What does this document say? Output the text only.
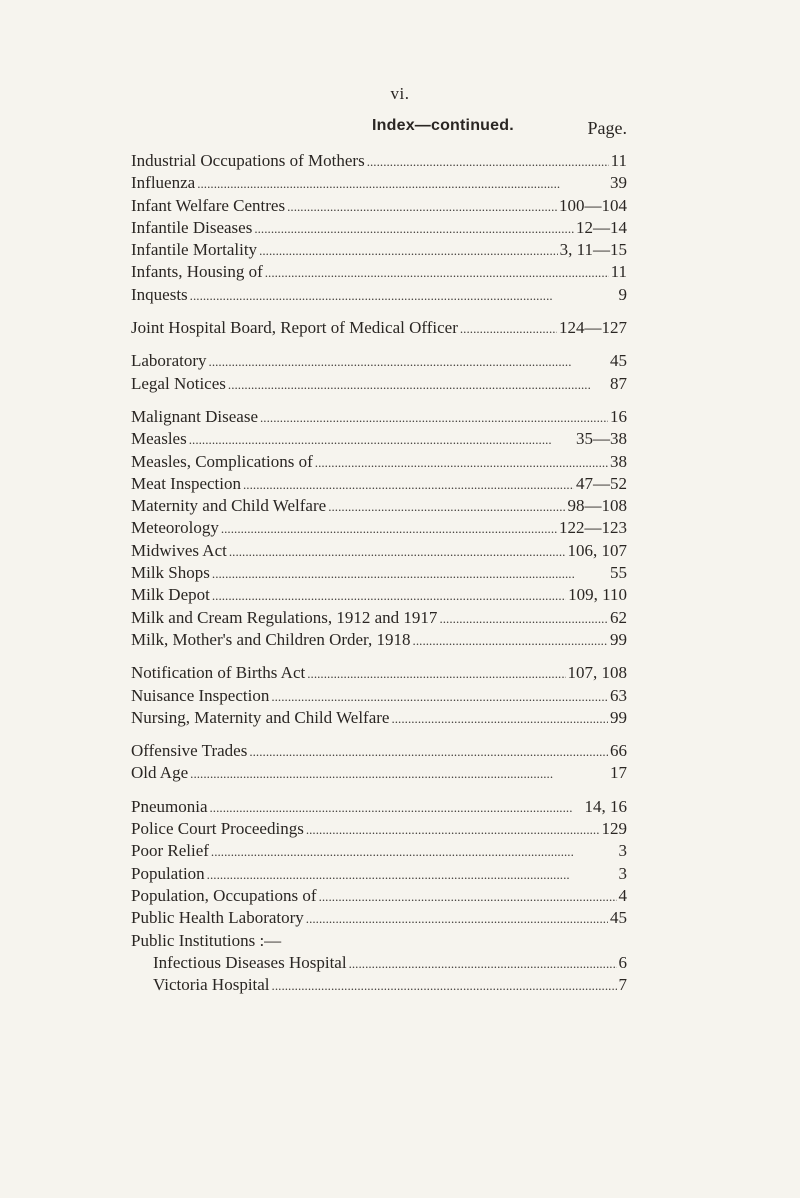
vi.
Index—continued.	Page.
Industrial Occupations of Mothers . . .	11
Influenza . . .	39
Infant Welfare Centres . . .	100—104
Infantile Diseases . . .	12—14
Infantile Mortality . . .	3, 11—15
Infants, Housing of . . .	11
Inquests . . .	9
Joint Hospital Board, Report of Medical Officer . . .	124—127
Laboratory . . .	45
Legal Notices . . .	87
Malignant Disease . . .	16
Measles . . .	35—38
Measles, Complications of . . .	38
Meat Inspection . . .	47—52
Maternity and Child Welfare . . .	98—108
Meteorology . . .	122—123
Midwives Act . . .	106, 107
Milk Shops . . .	55
Milk Depot . . .	109, 110
Milk and Cream Regulations, 1912 and 1917 . . .	62
Milk, Mother's and Children Order, 1918 . . .	99
Notification of Births Act . . .	107, 108
Nuisance Inspection . . .	63
Nursing, Maternity and Child Welfare . . .	99
Offensive Trades . . .	66
Old Age . . .	17
Pneumonia . . .	14, 16
Police Court Proceedings . . .	129
Poor Relief . . .	3
Population . . .	3
Population, Occupations of . . .	4
Public Health Laboratory . . .	45
Public Institutions :—
Infectious Diseases Hospital . . .	6
Victoria Hospital . . .	7
